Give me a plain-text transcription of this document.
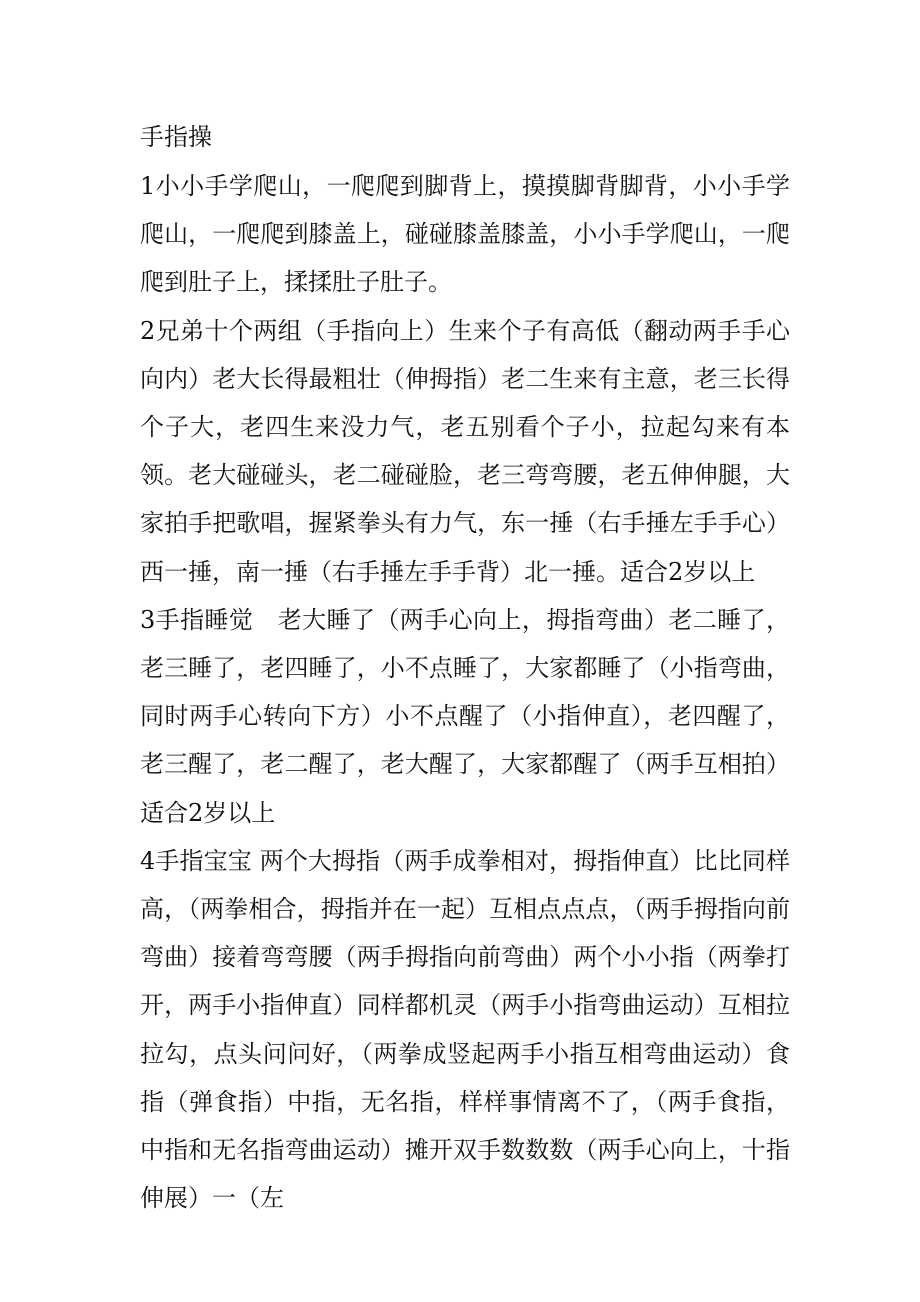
手指操

1小小手学爬山，一爬爬到脚背上，摸摸脚背脚背，小小手学爬山，一爬爬到膝盖上，碰碰膝盖膝盖，小小手学爬山，一爬爬到肚子上，揉揉肚子肚子。

2兄弟十个两组（手指向上）生来个子有高低（翻动两手手心向内）老大长得最粗壮（伸拇指）老二生来有主意，老三长得个子大，老四生来没力气，老五别看个子小，拉起勾来有本领。老大碰碰头，老二碰碰脸，老三弯弯腰，老五伸伸腿，大家拍手把歌唱，握紧拳头有力气，东一捶（右手捶左手手心）西一捶，南一捶（右手捶左手手背）北一捶。适合2岁以上

3手指睡觉　老大睡了（两手心向上，拇指弯曲）老二睡了，老三睡了，老四睡了，小不点睡了，大家都睡了（小指弯曲，同时两手心转向下方）小不点醒了（小指伸直），老四醒了，老三醒了，老二醒了，老大醒了，大家都醒了（两手互相拍）适合2岁以上

4手指宝宝 两个大拇指（两手成拳相对，拇指伸直）比比同样高，（两拳相合，拇指并在一起）互相点点点，（两手拇指向前弯曲）接着弯弯腰（两手拇指向前弯曲）两个小小指（两拳打开，两手小指伸直）同样都机灵（两手小指弯曲运动）互相拉拉勾，点头问问好，（两拳成竖起两手小指互相弯曲运动）食指（弹食指）中指，无名指，样样事情离不了，（两手食指，中指和无名指弯曲运动）摊开双手数数数（两手心向上，十指伸展）一（左
